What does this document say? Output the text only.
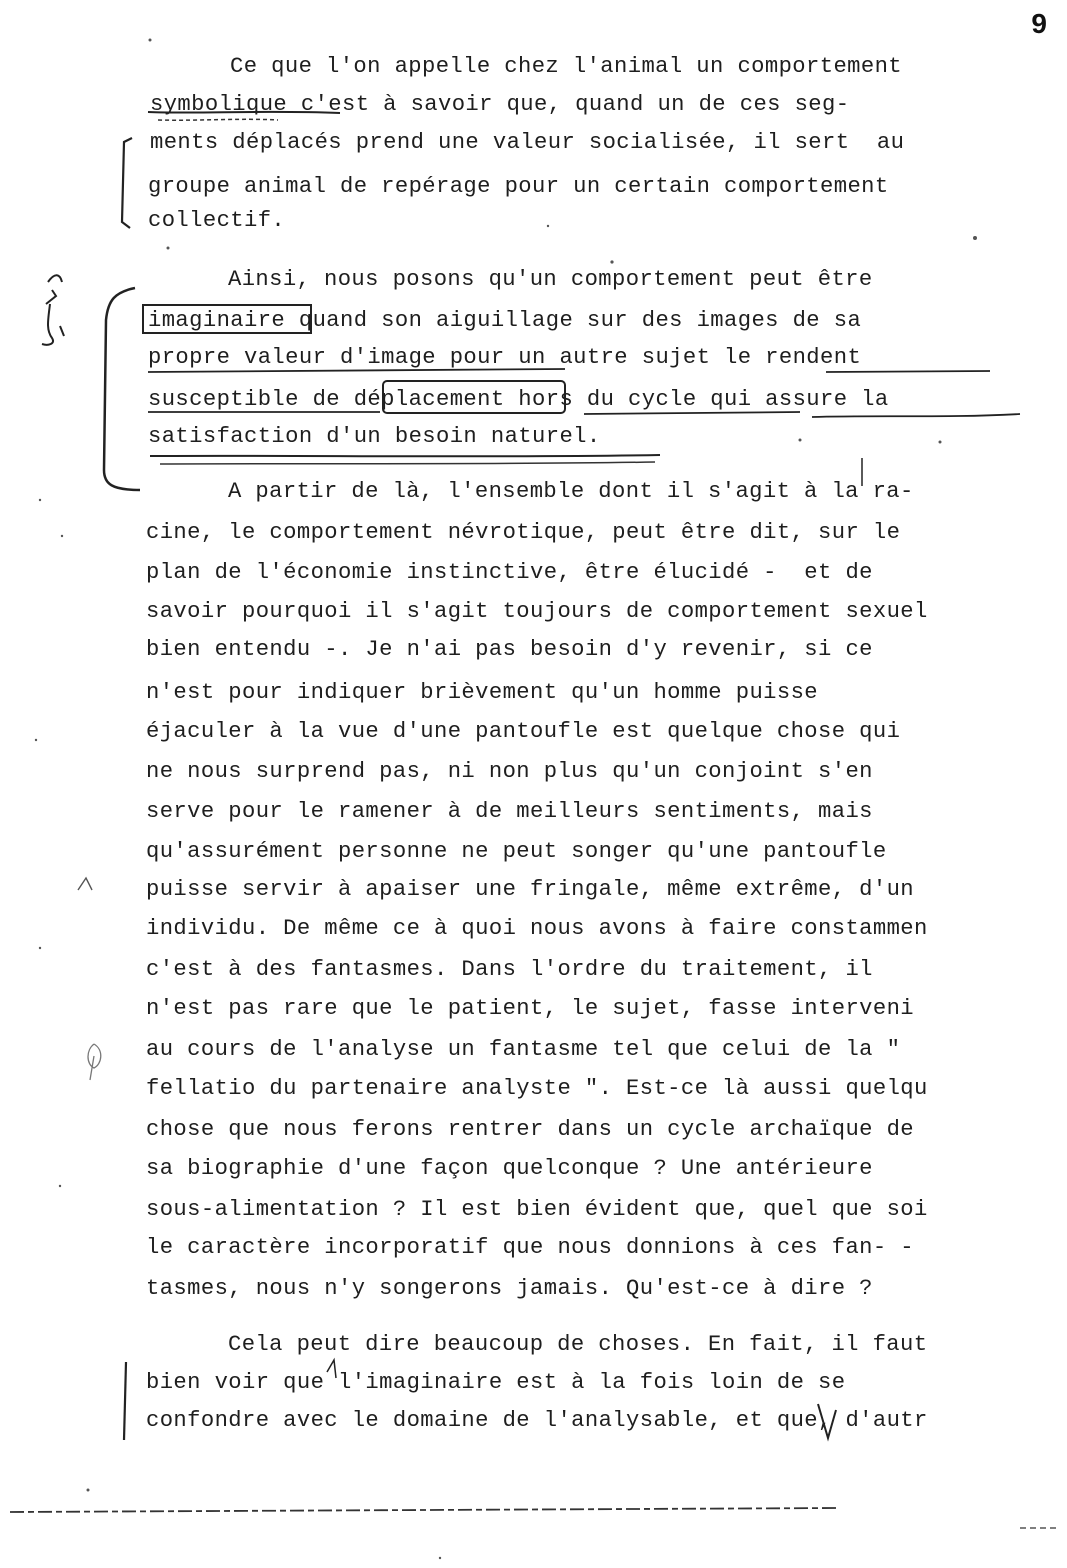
9
Ce que l'on appelle chez l'animal un comportement
symbolique c'est à savoir que, quand un de ces seg-
ments déplacés prend une valeur socialisée, il sert  au
groupe animal de repérage pour un certain comportement
collectif.
Ainsi, nous posons qu'un comportement peut être
imaginaire quand son aiguillage sur des images de sa
propre valeur d'image pour un autre sujet le rendent
susceptible de déplacement hors du cycle qui assure la
satisfaction d'un besoin naturel.
A partir de là, l'ensemble dont il s'agit à la ra-
cine, le comportement névrotique, peut être dit, sur le
plan de l'économie instinctive, être élucidé -  et de
savoir pourquoi il s'agit toujours de comportement sexuel
bien entendu -. Je n'ai pas besoin d'y revenir, si ce
n'est pour indiquer brièvement qu'un homme puisse
éjaculer à la vue d'une pantoufle est quelque chose qui
ne nous surprend pas, ni non plus qu'un conjoint s'en
serve pour le ramener à de meilleurs sentiments, mais
qu'assurément personne ne peut songer qu'une pantoufle
puisse servir à apaiser une fringale, même extrême, d'un
individu. De même ce à quoi nous avons à faire constammen
c'est à des fantasmes. Dans l'ordre du traitement, il
n'est pas rare que le patient, le sujet, fasse interveni
au cours de l'analyse un fantasme tel que celui de la "
fellatio du partenaire analyste ". Est-ce là aussi quelqu
chose que nous ferons rentrer dans un cycle archaïque de
sa biographie d'une façon quelconque ? Une antérieure
sous-alimentation ? Il est bien évident que, quel que soi
le caractère incorporatif que nous donnions à ces fan- -
tasmes, nous n'y songerons jamais. Qu'est-ce à dire ?
Cela peut dire beaucoup de choses. En fait, il faut
bien voir que l'imaginaire est à la fois loin de se
confondre avec le domaine de l'analysable, et que, d'autr
